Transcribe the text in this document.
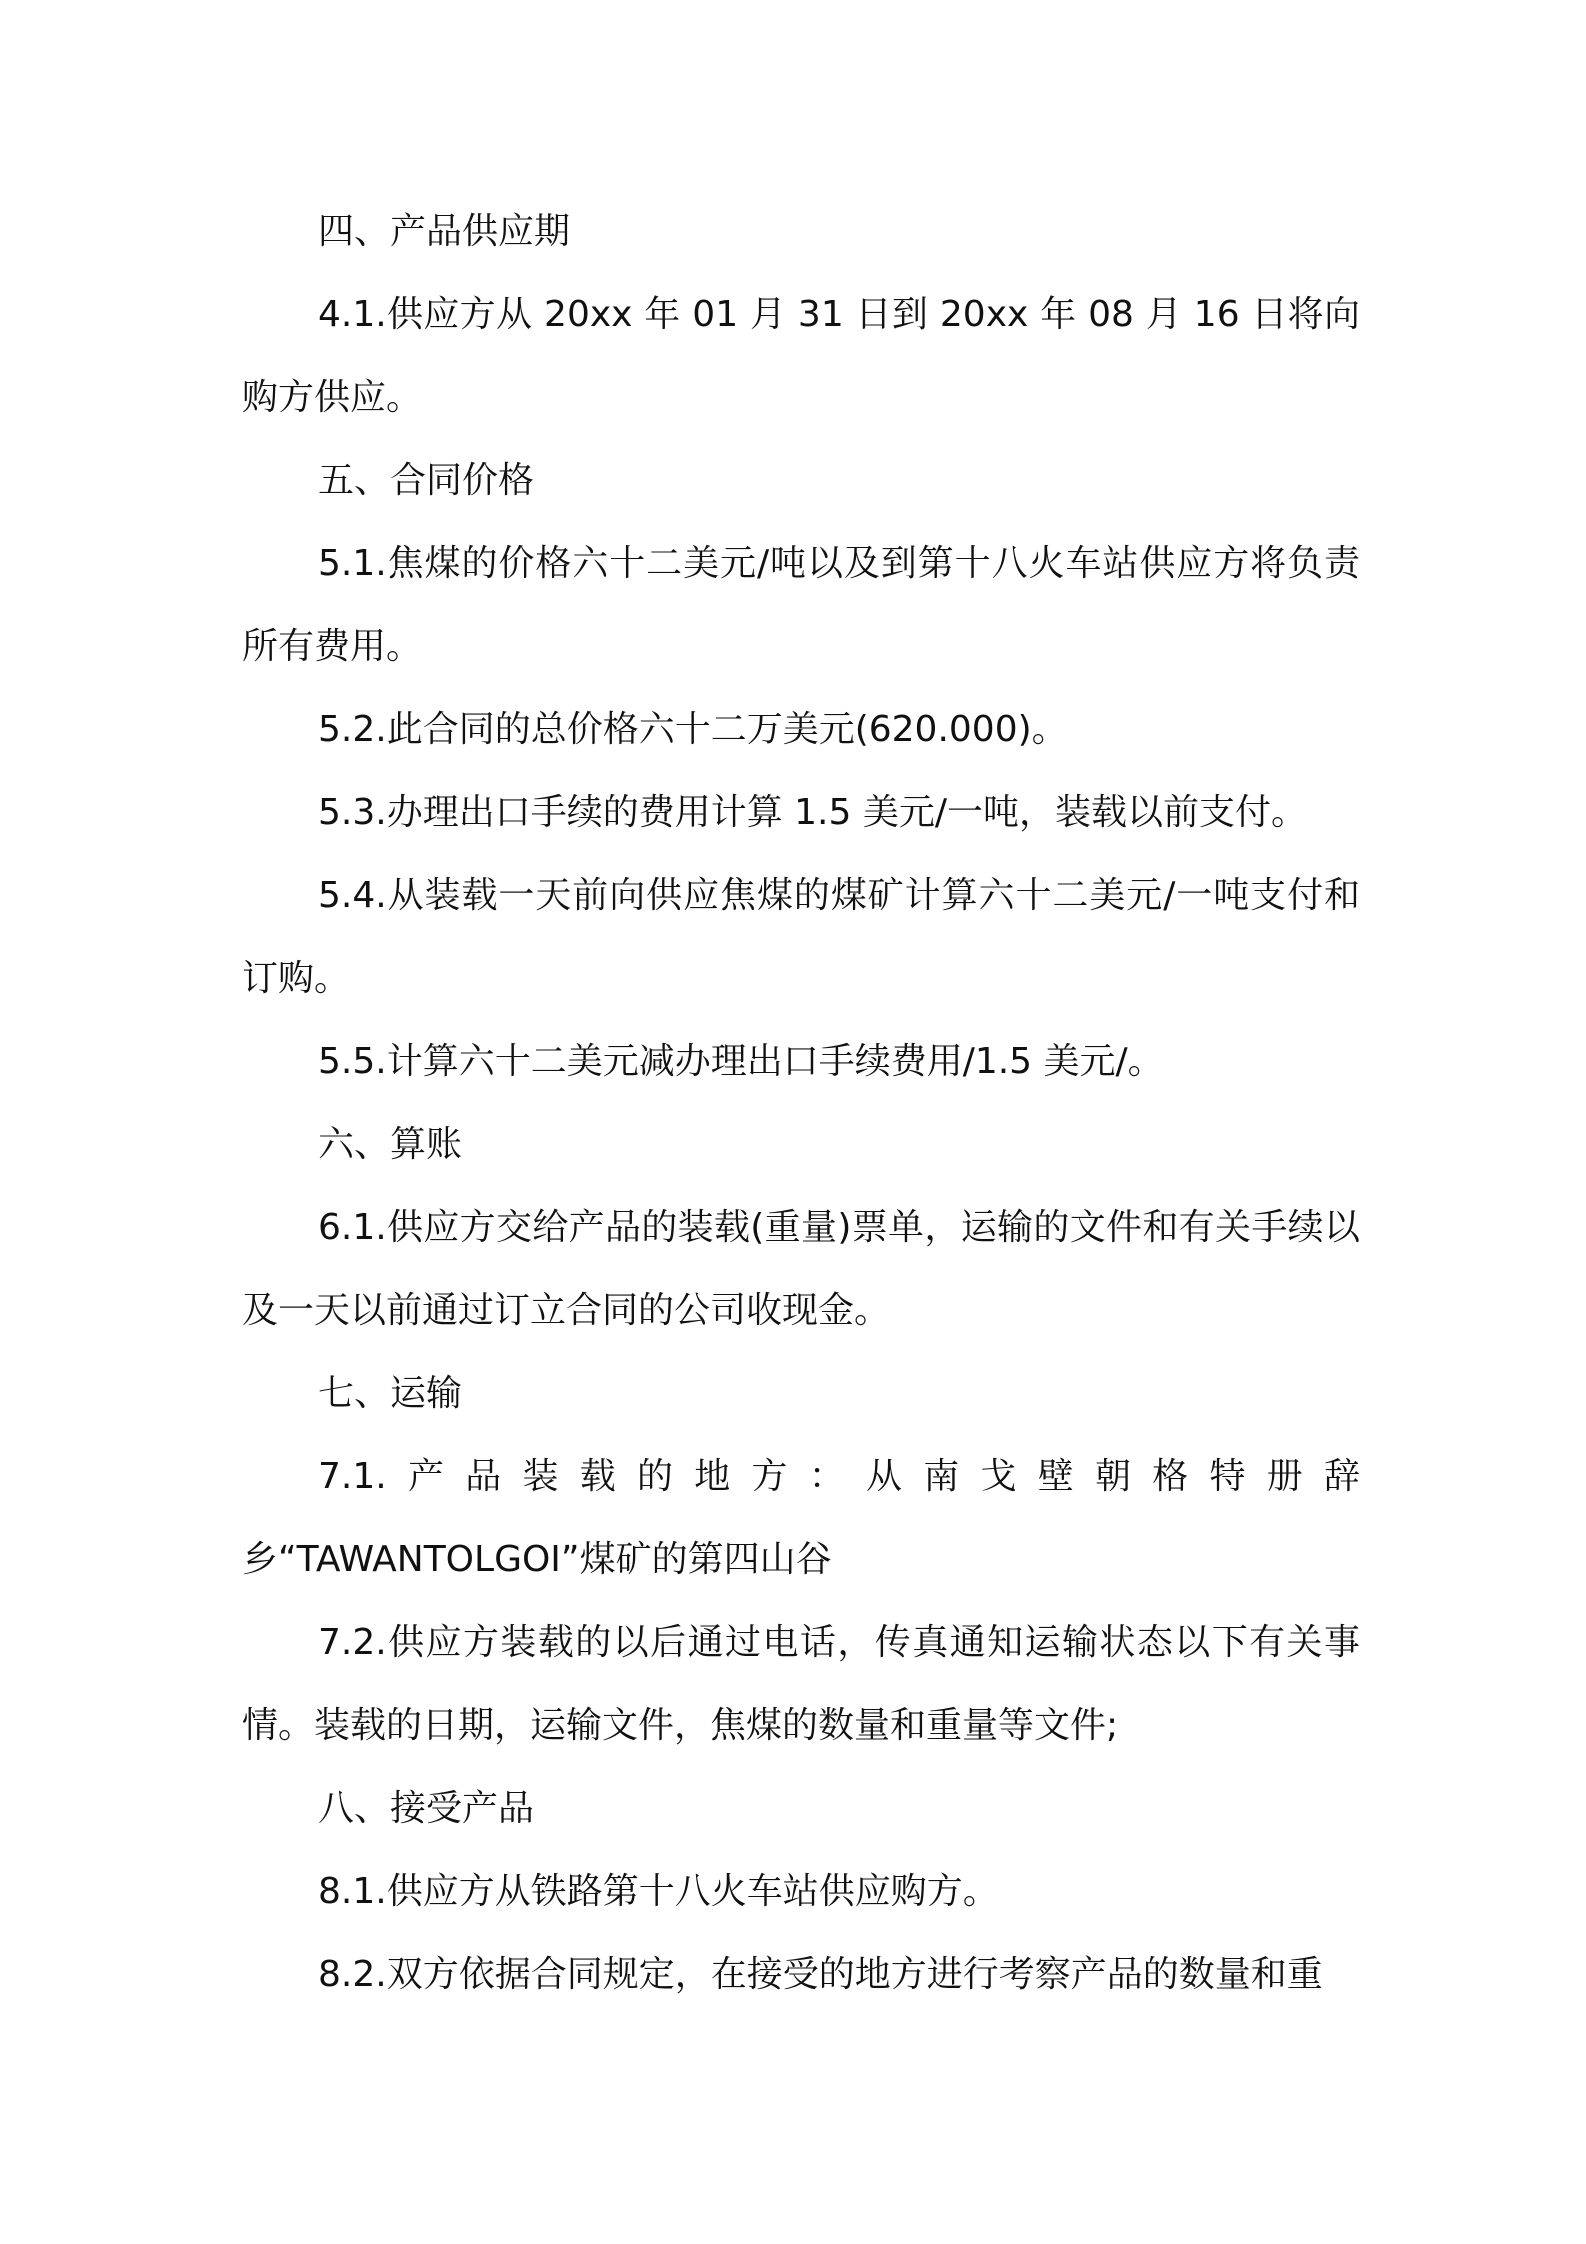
四、产品供应期

4.1.供应方从 20xx 年 01 月 31 日到 20xx 年 08 月 16 日将向购方供应。

五、合同价格

5.1.焦煤的价格六十二美元/吨以及到第十八火车站供应方将负责所有费用。

5.2.此合同的总价格六十二万美元(620.000)。

5.3.办理出口手续的费用计算 1.5 美元/一吨，装载以前支付。

5.4.从装载一天前向供应焦煤的煤矿计算六十二美元/一吨支付和订购。

5.5.计算六十二美元减办理出口手续费用/1.5 美元/。

六、算账

6.1.供应方交给产品的装载(重量)票单，运输的文件和有关手续以及一天以前通过订立合同的公司收现金。

七、运输

7.1.产品装载的地方：从南戈壁朝格特册辞乡“TAWANTOLGOI”煤矿的第四山谷

7.2.供应方装载的以后通过电话，传真通知运输状态以下有关事情。装载的日期，运输文件，焦煤的数量和重量等文件;

八、接受产品

8.1.供应方从铁路第十八火车站供应购方。

8.2.双方依据合同规定，在接受的地方进行考察产品的数量和重
